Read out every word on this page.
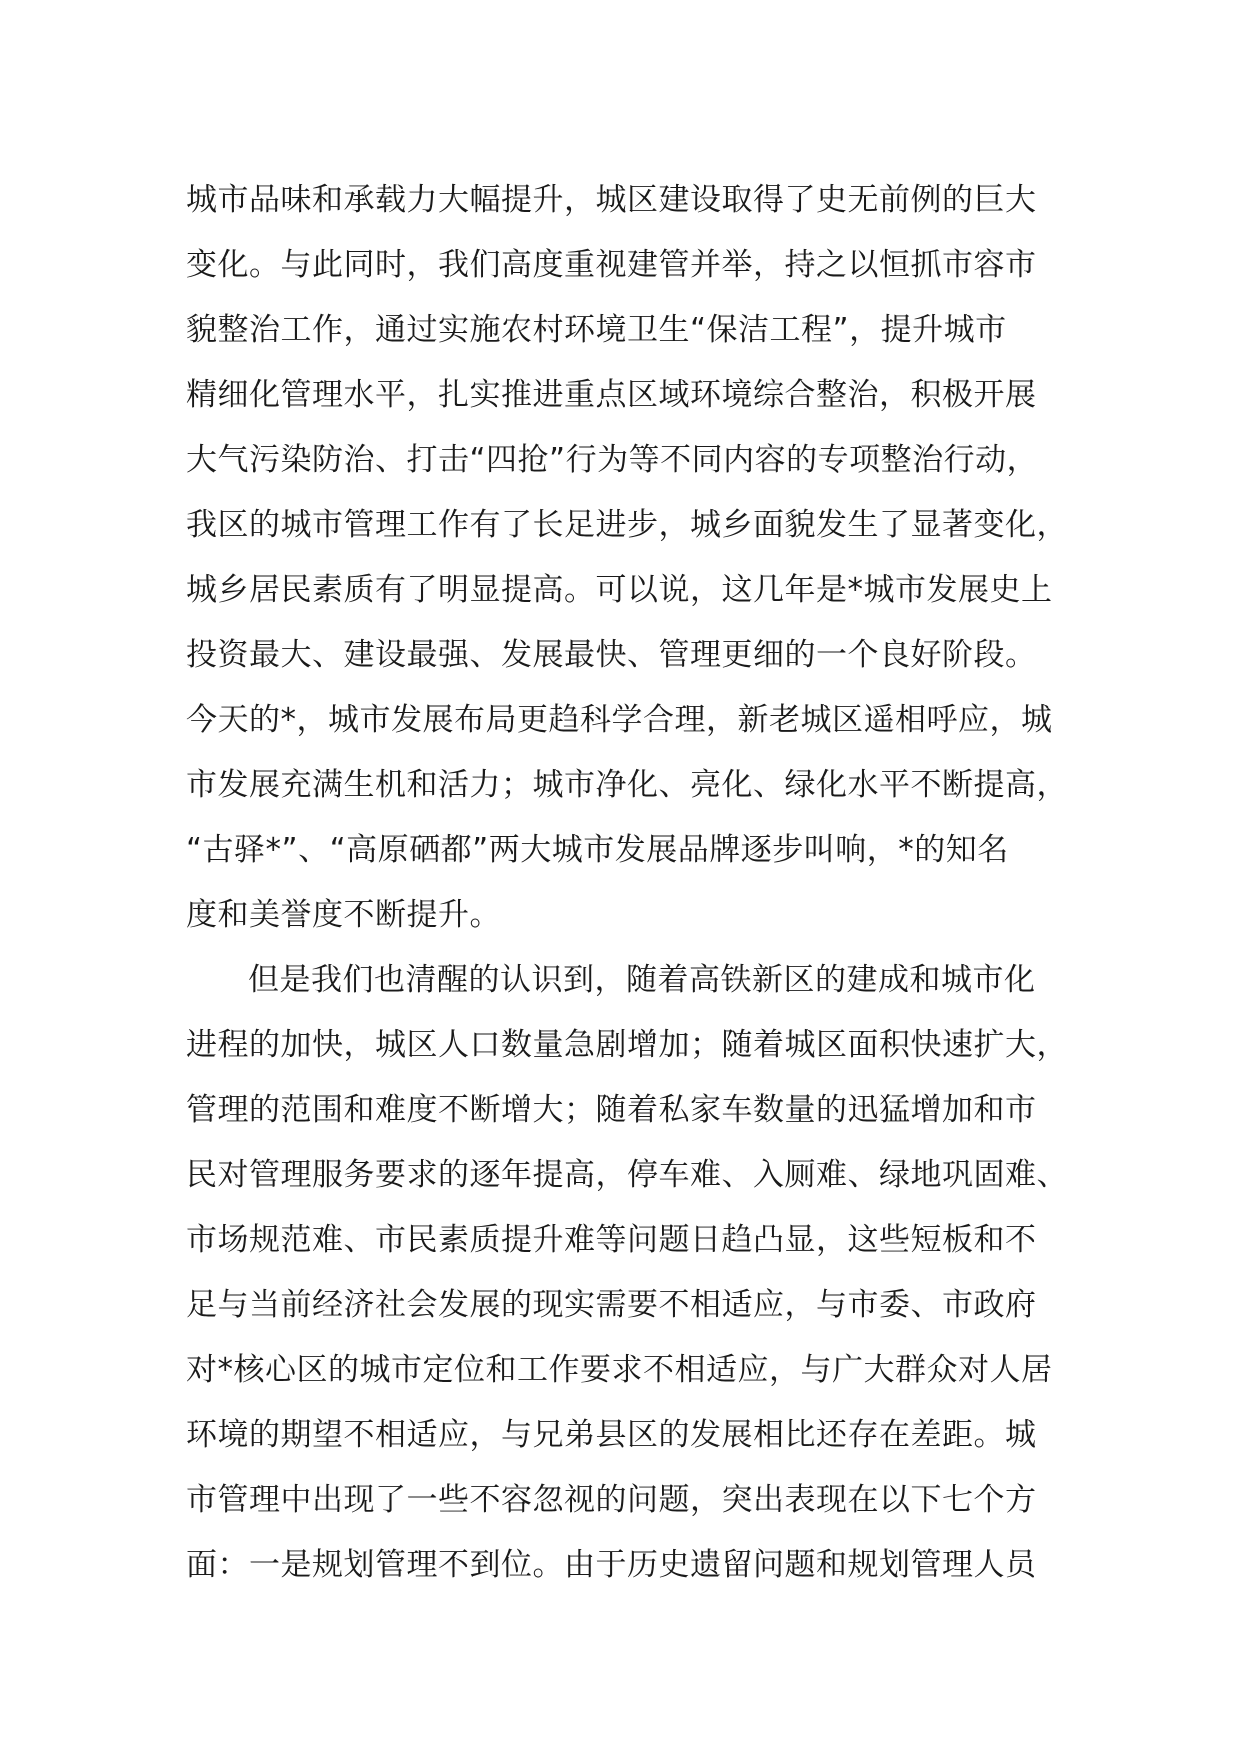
城市品味和承载力大幅提升，城区建设取得了史无前例的巨大
变化。与此同时，我们高度重视建管并举，持之以恒抓市容市
貌整治工作，通过实施农村环境卫生“保洁工程”，提升城市
精细化管理水平，扎实推进重点区域环境综合整治，积极开展
大气污染防治、打击“四抢”行为等不同内容的专项整治行动，
我区的城市管理工作有了长足进步，城乡面貌发生了显著变化，
城乡居民素质有了明显提高。可以说，这几年是*城市发展史上
投资最大、建设最强、发展最快、管理更细的一个良好阶段。
今天的*，城市发展布局更趋科学合理，新老城区遥相呼应，城
市发展充满生机和活力；城市净化、亮化、绿化水平不断提高，
“古驿*”、“高原硒都”两大城市发展品牌逐步叫响，*的知名
度和美誉度不断提升。
但是我们也清醒的认识到，随着高铁新区的建成和城市化
进程的加快，城区人口数量急剧增加；随着城区面积快速扩大，
管理的范围和难度不断增大；随着私家车数量的迅猛增加和市
民对管理服务要求的逐年提高，停车难、入厕难、绿地巩固难、
市场规范难、市民素质提升难等问题日趋凸显，这些短板和不
足与当前经济社会发展的现实需要不相适应，与市委、市政府
对*核心区的城市定位和工作要求不相适应，与广大群众对人居
环境的期望不相适应，与兄弟县区的发展相比还存在差距。城
市管理中出现了一些不容忽视的问题，突出表现在以下七个方
面：一是规划管理不到位。由于历史遗留问题和规划管理人员
